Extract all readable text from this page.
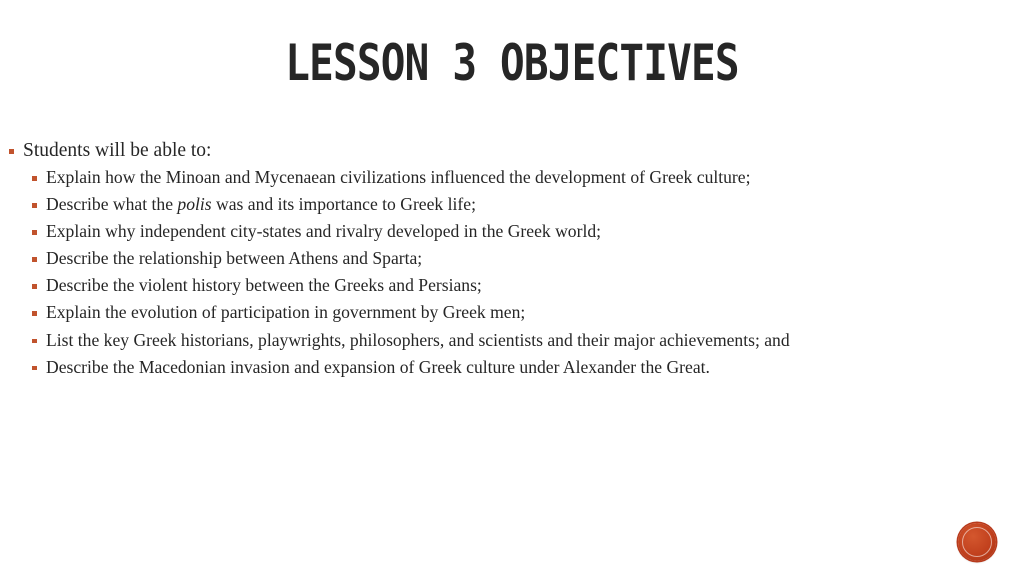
LESSON 3 OBJECTIVES
Students will be able to:
Explain how the Minoan and Mycenaean civilizations influenced the development of Greek culture;
Describe what the polis was and its importance to Greek life;
Explain why independent city-states and rivalry developed in the Greek world;
Describe the relationship between Athens and Sparta;
Describe the violent history between the Greeks and Persians;
Explain the evolution of participation in government by Greek men;
List the key Greek historians, playwrights, philosophers, and scientists and their major achievements; and
Describe the Macedonian invasion and expansion of Greek culture under Alexander the Great.
